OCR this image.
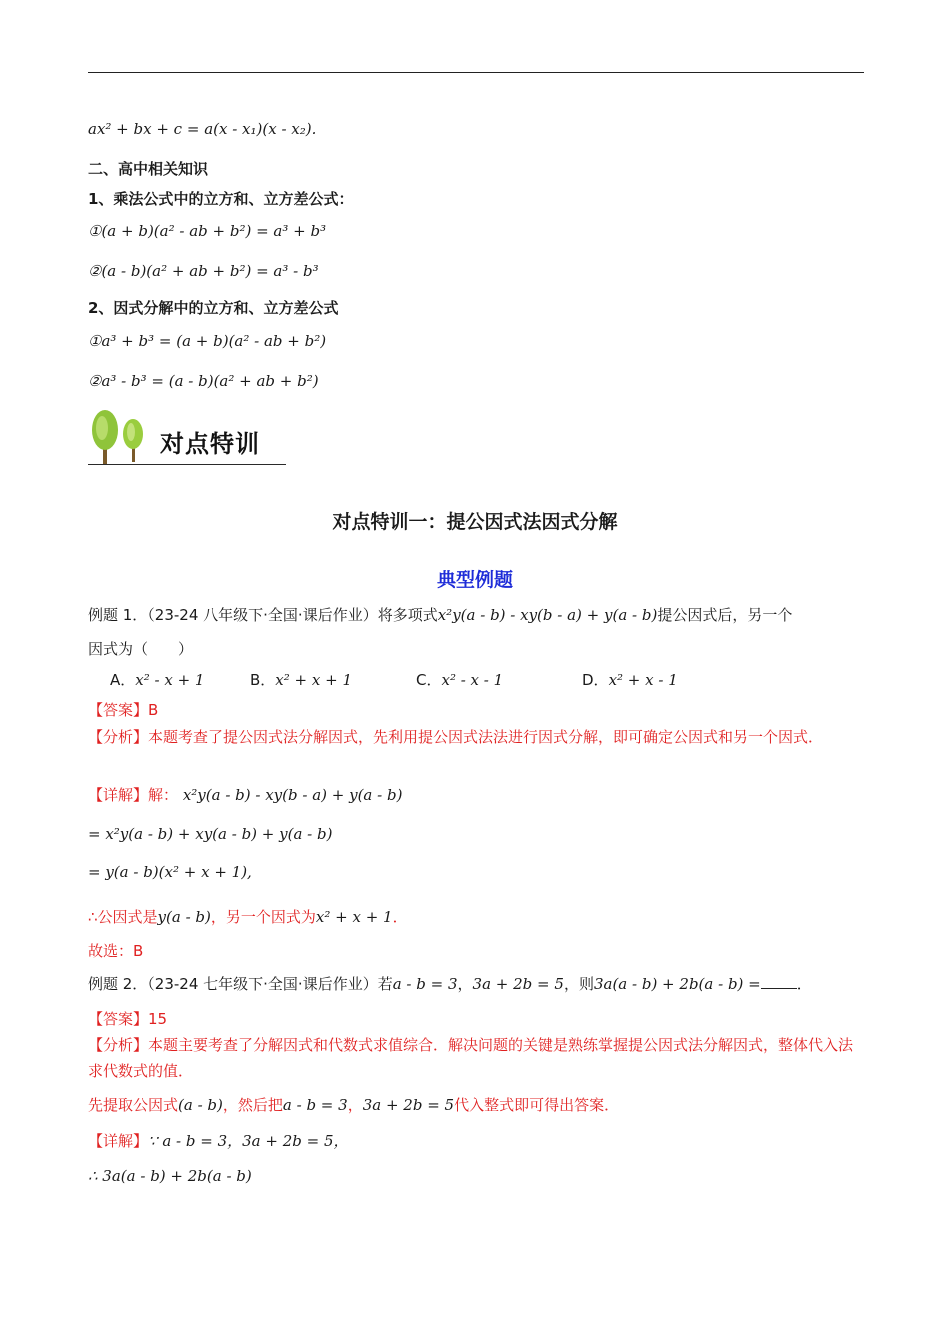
ax² + bx + c = a(x - x₁)(x - x₂).
二、高中相关知识
1、乘法公式中的立方和、立方差公式：
①(a + b)(a² - ab + b²) = a³ + b³
②(a - b)(a² + ab + b²) = a³ - b³
2、因式分解中的立方和、立方差公式
①a³ + b³ = (a + b)(a² - ab + b²)
②a³ - b³ = (a - b)(a² + ab + b²)
对点特训
对点特训一：提公因式法因式分解
典型例题
例题 1．（23-24 八年级下·全国·课后作业）将多项式x²y(a - b) - xy(b - a) + y(a - b)提公因式后，另一个
因式为（　　）
A．x² - x + 1	B．x² + x + 1	C．x² - x - 1	D．x² + x - 1
【答案】B
【分析】本题考查了提公因式法分解因式，先利用提公因式法法进行因式分解，即可确定公因式和另一个因式．
【详解】解： x²y(a - b) - xy(b - a) + y(a - b)
= x²y(a - b) + xy(a - b) + y(a - b)
= y(a - b)(x² + x + 1),
∴公因式是y(a - b)，另一个因式为x² + x + 1．
故选：B
例题 2．（23-24 七年级下·全国·课后作业）若a - b = 3，3a + 2b = 5，则3a(a - b) + 2b(a - b) = ．
【答案】15
【分析】本题主要考查了分解因式和代数式求值综合．解决问题的关键是熟练掌握提公因式法分解因式，整体代入法求代数式的值．
先提取公因式(a - b)，然后把a - b = 3，3a + 2b = 5代入整式即可得出答案．
【详解】∵ a - b = 3，3a + 2b = 5，
∴ 3a(a - b) + 2b(a - b)
